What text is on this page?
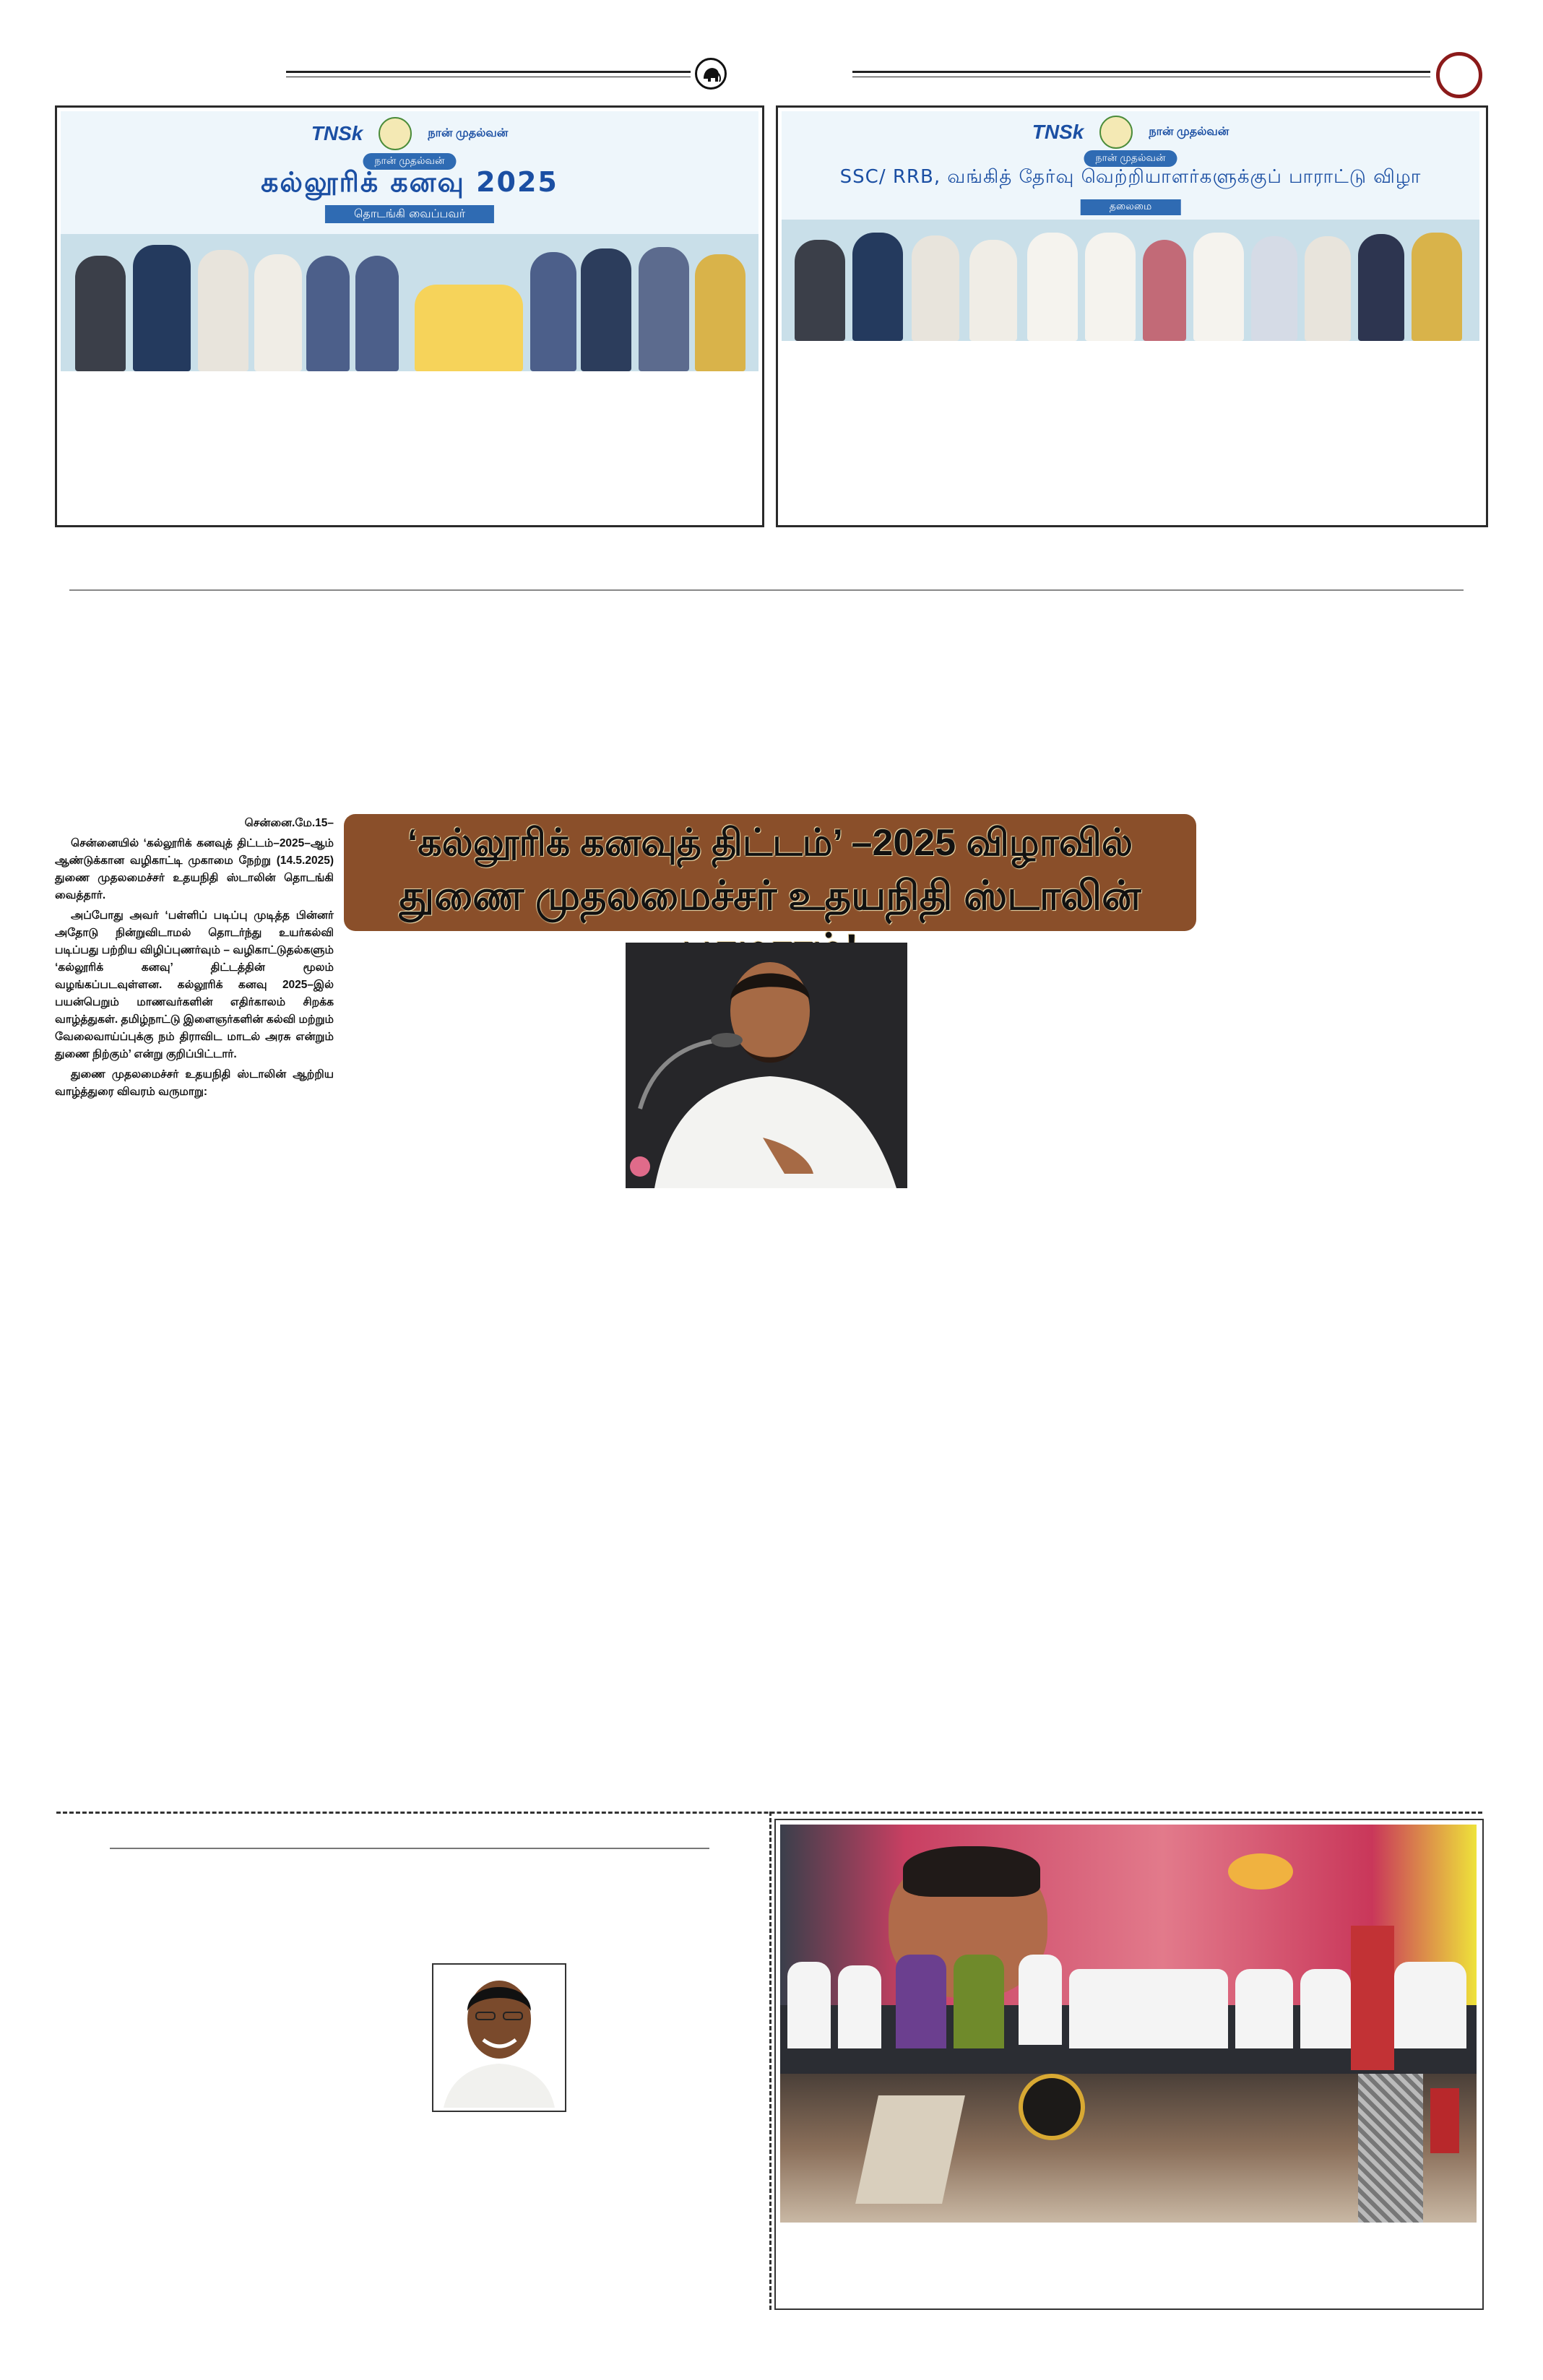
TNSk	நான் முதல்வன்
நான் முதல்வன்
கல்லூரிக் கனவு 2025
தொடங்கி வைப்பவர்
TNSk	நான் முதல்வன்
நான் முதல்வன்
SSC/ RRB, வங்கித் தேர்வு வெற்றியாளர்களுக்குப் பாராட்டு விழா
தலைமை

சென்னை.மே.15–

சென்னையில் ‘கல்லூரிக் கனவுத் திட்டம்–2025–ஆம் ஆண்டுக்கான வழிகாட்டி முகாமை நேற்று (14.5.2025) துணை முதலமைச்சர் உதயநிதி ஸ்டாலின் தொடங்கி வைத்தார்.

அப்போது அவர் ‘பள்ளிப் படிப்பு முடித்த பின்னர் அதோடு நின்றுவிடாமல் தொடர்ந்து உயர்கல்வி படிப்பது பற்றிய விழிப்புணர்வும் – வழிகாட்டுதல்களும் ‘கல்லூரிக் கனவு’ திட்டத்தின் மூலம் வழங்கப்படவுள்ளன. கல்லூரிக் கனவு 2025–இல் பயன்பெறும் மாணவர்களின் எதிர்காலம் சிறக்க வாழ்த்துகள். தமிழ்நாட்டு இளைஞர்களின் கல்வி மற்றும் வேலைவாய்ப்புக்கு நம் திராவிட மாடல் அரசு என்றும் துணை நிற்கும்’ என்று குறிப்பிட்டார்.

துணை முதலமைச்சர் உதயநிதி ஸ்டாலின் ஆற்றிய வாழ்த்துரை விவரம் வருமாறு:

‘கல்லூரிக் கனவுத் திட்டம்’ –2025 விழாவில்
துணை முதலமைச்சர் உதயநிதி ஸ்டாலின்
